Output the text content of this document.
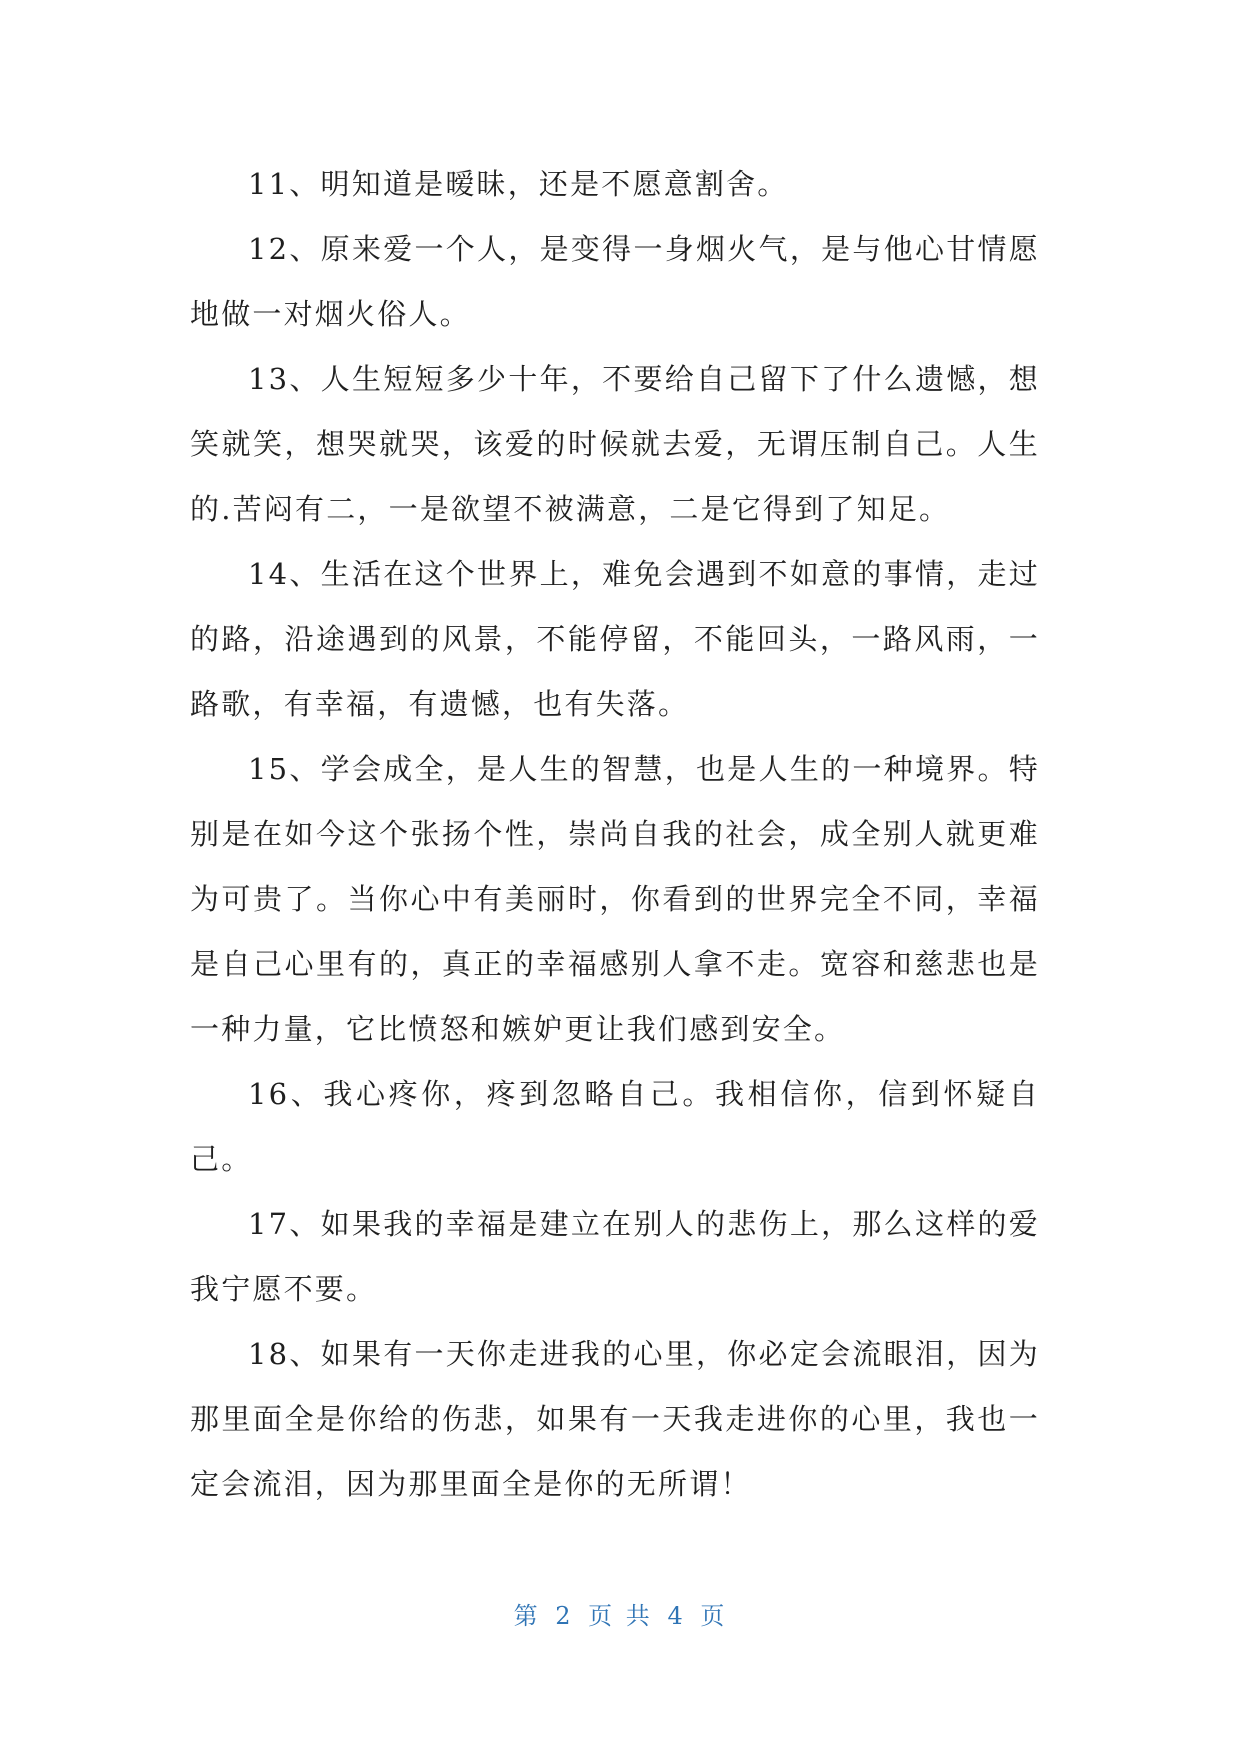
11、明知道是暧昧，还是不愿意割舍。

12、原来爱一个人，是变得一身烟火气，是与他心甘情愿地做一对烟火俗人。

13、人生短短多少十年，不要给自己留下了什么遗憾，想笑就笑，想哭就哭，该爱的时候就去爱，无谓压制自己。人生的.苦闷有二，一是欲望不被满意，二是它得到了知足。

14、生活在这个世界上，难免会遇到不如意的事情，走过的路，沿途遇到的风景，不能停留，不能回头，一路风雨，一路歌，有幸福，有遗憾，也有失落。

15、学会成全，是人生的智慧，也是人生的一种境界。特别是在如今这个张扬个性，崇尚自我的社会，成全别人就更难为可贵了。当你心中有美丽时，你看到的世界完全不同，幸福是自己心里有的，真正的幸福感别人拿不走。宽容和慈悲也是一种力量，它比愤怒和嫉妒更让我们感到安全。

16、我心疼你，疼到忽略自己。我相信你，信到怀疑自己。

17、如果我的幸福是建立在别人的悲伤上，那么这样的爱我宁愿不要。

18、如果有一天你走进我的心里，你必定会流眼泪，因为那里面全是你给的伤悲，如果有一天我走进你的心里，我也一定会流泪，因为那里面全是你的无所谓！

第 2 页 共 4 页
